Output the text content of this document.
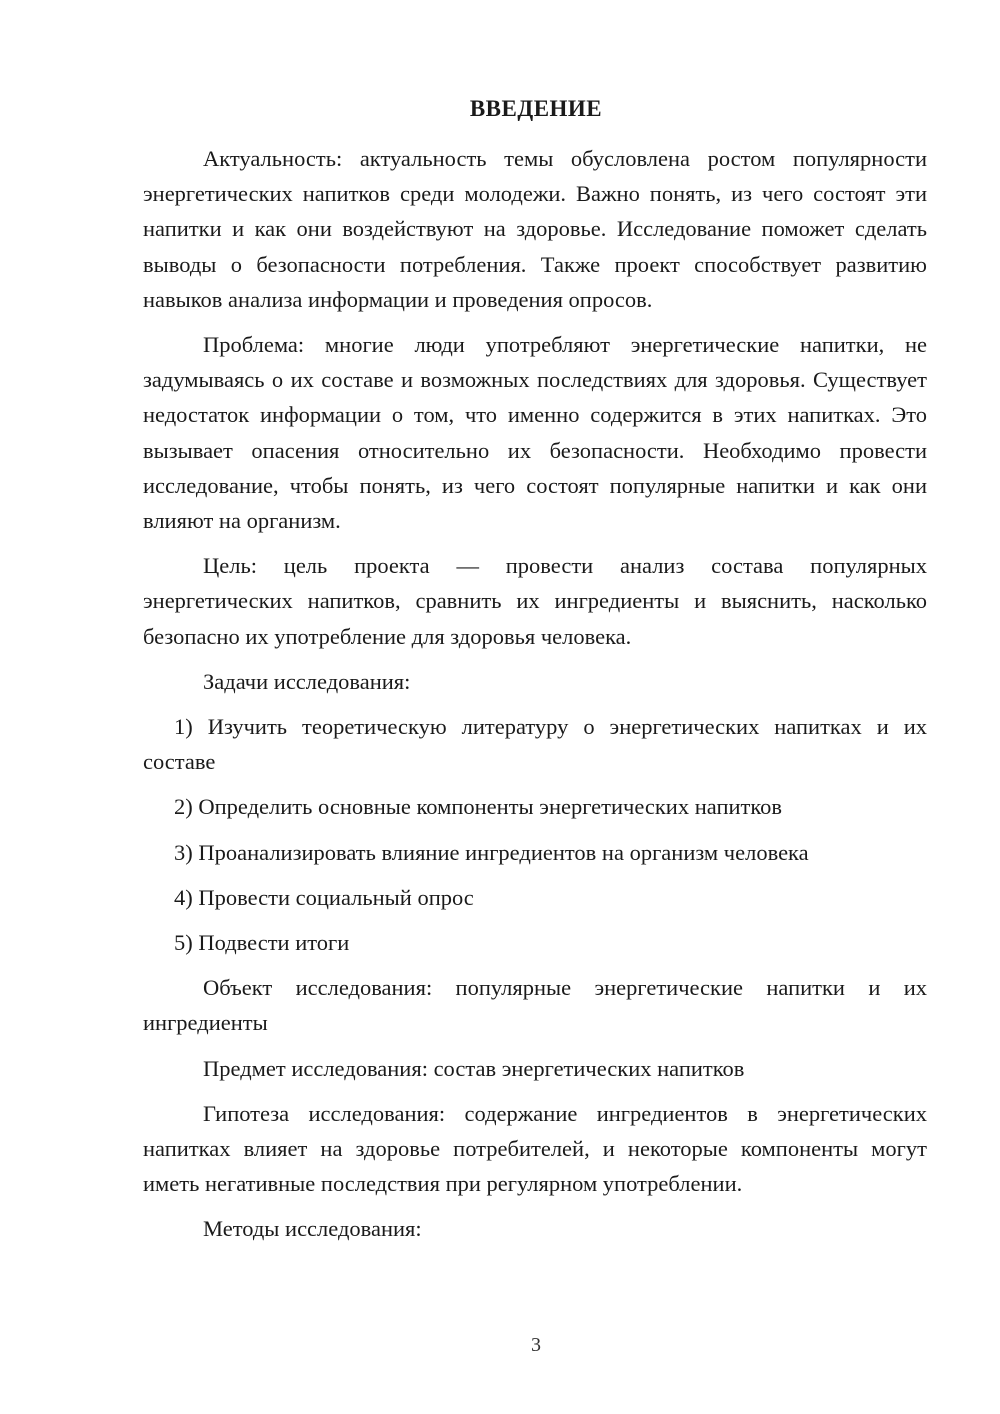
ВВЕДЕНИЕ

Актуальность: актуальность темы обусловлена ростом популярности энергетических напитков среди молодежи. Важно понять, из чего состоят эти напитки и как они воздействуют на здоровье. Исследование поможет сделать выводы о безопасности потребления. Также проект способствует развитию навыков анализа информации и проведения опросов.

Проблема: многие люди употребляют энергетические напитки, не задумываясь о их составе и возможных последствиях для здоровья. Существует недостаток информации о том, что именно содержится в этих напитках. Это вызывает опасения относительно их безопасности. Необходимо провести исследование, чтобы понять, из чего состоят популярные напитки и как они влияют на организм.

Цель: цель проекта — провести анализ состава популярных энергетических напитков, сравнить их ингредиенты и выяснить, насколько безопасно их употребление для здоровья человека.

Задачи исследования:

1) Изучить теоретическую литературу о энергетических напитках и их составе

2) Определить основные компоненты энергетических напитков

3) Проанализировать влияние ингредиентов на организм человека

4) Провести социальный опрос

5) Подвести итоги

Объект исследования: популярные энергетические напитки и их ингредиенты

Предмет исследования: состав энергетических напитков

Гипотеза исследования: содержание ингредиентов в энергетических напитках влияет на здоровье потребителей, и некоторые компоненты могут иметь негативные последствия при регулярном употреблении.

Методы исследования:

3
